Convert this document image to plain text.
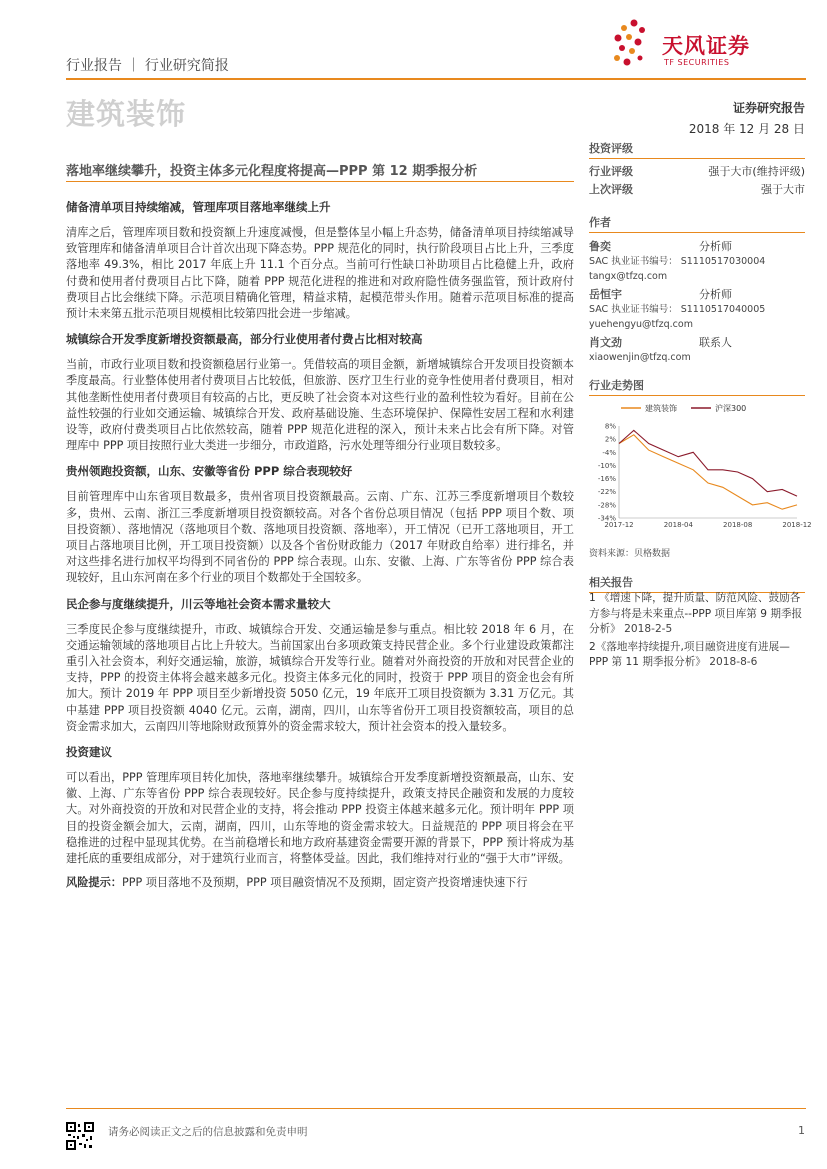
天风证券
TF SECURITIES
行业报告 ｜ 行业研究简报
建筑装饰	证券研究报告
2018 年 12 月 28 日
落地率继续攀升，投资主体多元化程度将提高—PPP 第 12 期季报分析
储备清单项目持续缩减，管理库项目落地率继续上升

清库之后，管理库项目数和投资额上升速度减慢，但是整体呈小幅上升态势，储备清单项目持续缩减导致管理库和储备清单项目合计首次出现下降态势。PPP 规范化的同时，执行阶段项目占比上升，三季度落地率 49.3%，相比 2017 年底上升 11.1 个百分点。当前可行性缺口补助项目占比稳健上升，政府付费和使用者付费项目占比下降，随着 PPP 规范化进程的推进和对政府隐性债务强监管，预计政府付费项目占比会继续下降。示范项目精确化管理，精益求精，起模范带头作用。随着示范项目标准的提高预计未来第五批示范项目规模相比较第四批会进一步缩减。

城镇综合开发季度新增投资额最高，部分行业使用者付费占比相对较高

当前，市政行业项目数和投资额稳居行业第一。凭借较高的项目金额，新增城镇综合开发项目投资额本季度最高。行业整体使用者付费项目占比较低，但旅游、医疗卫生行业的竞争性使用者付费项目，相对其他垄断性使用者付费项目有较高的占比，更反映了社会资本对这些行业的盈利性较为看好。目前在公益性较强的行业如交通运输、城镇综合开发、政府基础设施、生态环境保护、保障性安居工程和水利建设等，政府付费类项目占比依然较高，随着 PPP 规范化进程的深入，预计未来占比会有所下降。对管理库中 PPP 项目按照行业大类进一步细分，市政道路，污水处理等细分行业项目数较多。

贵州领跑投资额，山东、安徽等省份 PPP 综合表现较好

目前管理库中山东省项目数最多，贵州省项目投资额最高。云南、广东、江苏三季度新增项目个数较多，贵州、云南、浙江三季度新增项目投资额较高。对各个省份总项目情况（包括 PPP 项目个数、项目投资额）、落地情况（落地项目个数、落地项目投资额、落地率），开工情况（已开工落地项目，开工项目占落地项目比例，开工项目投资额）以及各个省份财政能力（2017 年财政自给率）进行排名，并对这些排名进行加权平均得到不同省份的 PPP 综合表现。山东、安徽、上海、广东等省份 PPP 综合表现较好，且山东河南在多个行业的项目个数都处于全国较多。

民企参与度继续提升，川云等地社会资本需求量较大

三季度民企参与度继续提升，市政、城镇综合开发、交通运输是参与重点。相比较 2018 年 6 月，在交通运输领域的落地项目占比上升较大。当前国家出台多项政策支持民营企业。多个行业建设政策都注重引入社会资本，利好交通运输，旅游，城镇综合开发等行业。随着对外商投资的开放和对民营企业的支持，PPP 的投资主体将会越来越多元化。投资主体多元化的同时，投资于 PPP 项目的资金也会有所加大。预计 2019 年 PPP 项目至少新增投资 5050 亿元，19 年底开工项目投资额为 3.31 万亿元。其中基建 PPP 项目投资额 4040 亿元。云南，湖南，四川，山东等省份开工项目投资额较高，项目的总资金需求加大，云南四川等地除财政预算外的资金需求较大，预计社会资本的投入量较多。

投资建议

可以看出，PPP 管理库项目转化加快，落地率继续攀升。城镇综合开发季度新增投资额最高，山东、安徽、上海、广东等省份 PPP 综合表现较好。民企参与度持续提升，政策支持民企融资和发展的力度较大。对外商投资的开放和对民营企业的支持，将会推动 PPP 投资主体越来越多元化。预计明年 PPP 项目的投资金额会加大，云南，湖南，四川，山东等地的资金需求较大。日益规范的 PPP 项目将会在平稳推进的过程中显现其优势。在当前稳增长和地方政府基建资金需要开源的背景下，PPP 预计将成为基建托底的重要组成部分，对于建筑行业而言，将整体受益。因此，我们维持对行业的“强于大市”评级。

风险提示：PPP 项目落地不及预期，PPP 项目融资情况不及预期，固定资产投资增速快速下行

投资评级
行业评级	强于大市(维持评级)
上次评级	强于大市
作者
鲁奕	分析师
SAC 执业证书编号： S1110517030004
tangx@tfzq.com
岳恒宇	分析师
SAC 执业证书编号： S1110517040005
yuehengyu@tfzq.com
肖文劲	联系人
xiaowenjin@tfzq.com
行业走势图
8%
2%
-4%
-10%
-16%
-22%
-28%
-34%
2017-12	2018-04	2018-08	2018-12
建筑装饰	沪深300
资料来源：贝格数据
相关报告
1 《增速下降，提升质量、防范风险、鼓励各方参与将是未来重点--PPP 项目库第 9 期季报分析》 2018-2-5
2《落地率持续提升,项目融资进度有进展—PPP 第 11 期季报分析》 2018-8-6
请务必阅读正文之后的信息披露和免责申明	1
